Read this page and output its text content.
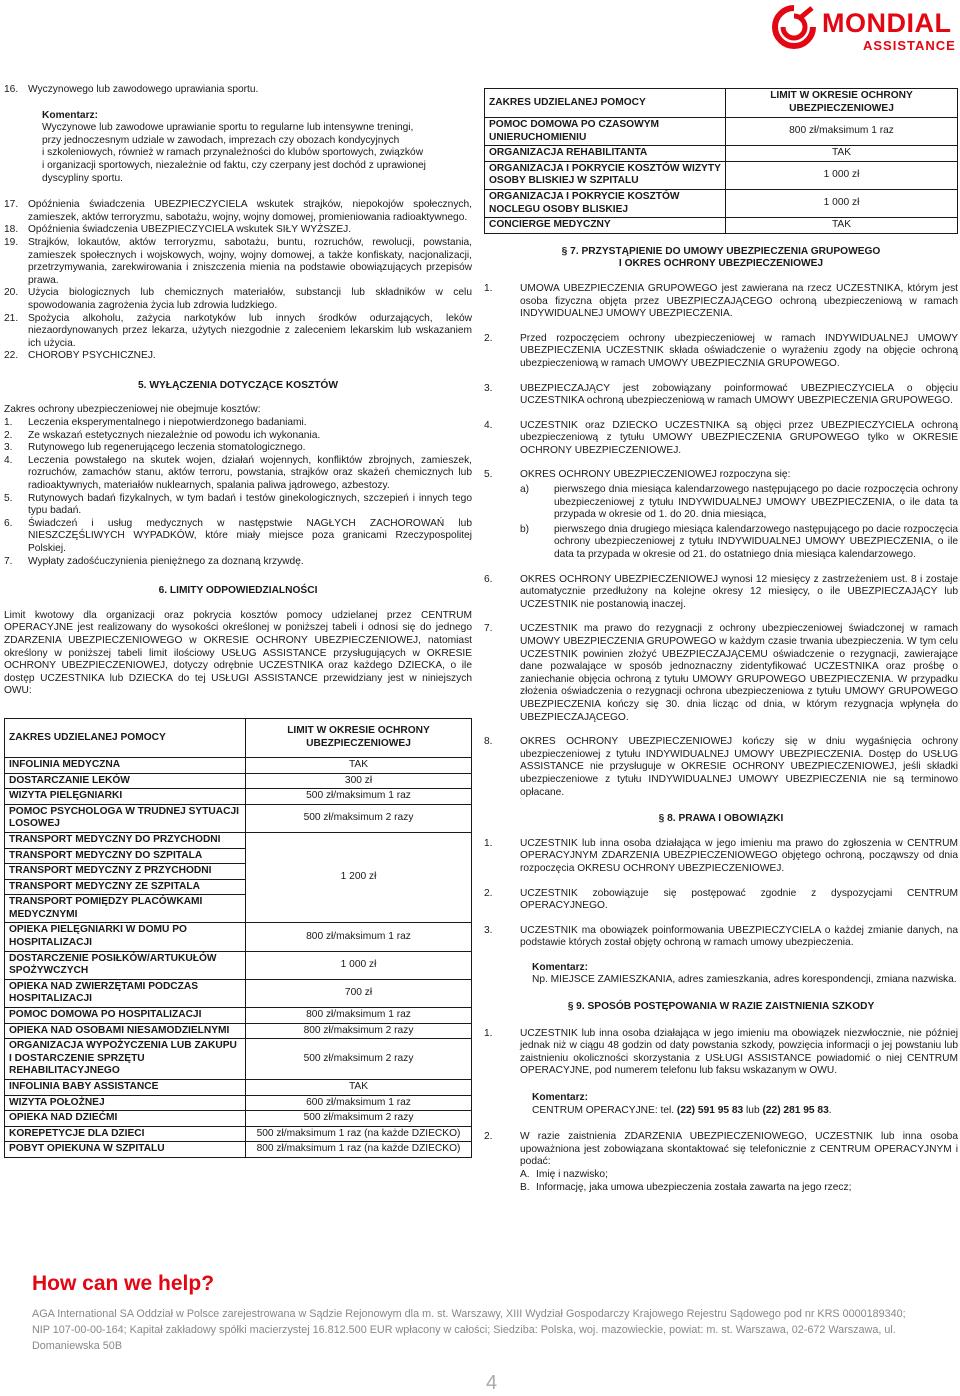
MONDIAL
ASSISTANCE
16. Wyczynowego lub zawodowego uprawiania sportu.
Komentarz:
Wyczynowe lub zawodowe uprawianie sportu to regularne lub intensywne treningi,
przy jednoczesnym udziale w zawodach, imprezach czy obozach kondycyjnych
i szkoleniowych, również w ramach przynależności do klubów sportowych, związków
i organizacji sportowych, niezależnie od faktu, czy czerpany jest dochód z uprawionej
dyscypliny sportu.
17. Opóźnienia świadczenia UBEZPIECZYCIELA wskutek strajków, niepokojów społecznych, zamieszek, aktów terroryzmu, sabotażu, wojny, wojny domowej, promieniowania radioaktywnego.
18. Opóźnienia świadczenia UBEZPIECZYCIELA wskutek SIŁY WYŻSZEJ.
19. Strajków, lokautów, aktów terroryzmu, sabotażu, buntu, rozruchów, rewolucji, powstania, zamieszek społecznych i wojskowych, wojny, wojny domowej, a także konfiskaty, nacjonalizacji, przetrzymywania, zarekwirowania i zniszczenia mienia na podstawie obowiązujących przepisów prawa.
20. Użycia biologicznych lub chemicznych materiałów, substancji lub składników w celu spowodowania zagrożenia życia lub zdrowia ludzkiego.
21. Spożycia alkoholu, zażycia narkotyków lub innych środków odurzających, leków niezaordynowanych przez lekarza, użytych niezgodnie z zaleceniem lekarskim lub wskazaniem ich użycia.
22. CHOROBY PSYCHICZNEJ.
5. WYŁĄCZENIA DOTYCZĄCE KOSZTÓW
Zakres ochrony ubezpieczeniowej nie obejmuje kosztów:
1.	Leczenia eksperymentalnego i niepotwierdzonego badaniami.
2.	Ze wskazań estetycznych niezależnie od powodu ich wykonania.
3.	Rutynowego lub regenerującego leczenia stomatologicznego.
4.	Leczenia powstałego na skutek wojen, działań wojennych, konfliktów zbrojnych, zamieszek, rozruchów, zamachów stanu, aktów terroru, powstania, strajków oraz skażeń chemicznych lub radioaktywnych, materiałów nuklearnych, spalania paliwa jądrowego, azbestozy.
5.	Rutynowych badań fizykalnych, w tym badań i testów ginekologicznych, szczepień i innych tego typu badań.
6.	Świadczeń i usług medycznych w następstwie NAGŁYCH ZACHOROWAŃ lub NIESZCZĘŚLIWYCH WYPADKÓW, które miały miejsce poza granicami Rzeczypospolitej Polskiej.
7.	Wypłaty zadośćuczynienia pieniężnego za doznaną krzywdę.
6. LIMITY ODPOWIEDZIALNOŚCI
Limit kwotowy dla organizacji oraz pokrycia kosztów pomocy udzielanej przez CENTRUM OPERACYJNE jest realizowany do wysokości określonej w poniższej tabeli i odnosi się do jednego ZDARZENIA UBEZPIECZENIOWEGO w OKRESIE OCHRONY UBEZPIECZENIOWEJ, natomiast określony w poniższej tabeli limit ilościowy USŁUG ASSISTANCE przysługujących w OKRESIE OCHRONY UBEZPIECZENIOWEJ, dotyczy odrębnie UCZESTNIKA oraz każdego DZIECKA, o ile dostęp UCZESTNIKA lub DZIECKA do tej USŁUGI ASSISTANCE przewidziany jest w niniejszych OWU:
ZAKRES UDZIELANEJ POMOCY	LIMIT W OKRESIE OCHRONY UBEZPIECZENIOWEJ
INFOLINIA MEDYCZNA	TAK
DOSTARCZANIE LEKÓW	300 zł
WIZYTA PIELĘGNIARKI	500 zł/maksimum 1 raz
POMOC PSYCHOLOGA W TRUDNEJ SYTUACJI LOSOWEJ	500 zł/maksimum 2 razy
TRANSPORT MEDYCZNY DO PRZYCHODNI	1 200 zł
TRANSPORT MEDYCZNY DO SZPITALA	
TRANSPORT MEDYCZNY Z PRZYCHODNI	
TRANSPORT MEDYCZNY ZE SZPITALA	
TRANSPORT POMIĘDZY PLACÓWKAMI MEDYCZNYMI	
OPIEKA PIELĘGNIARKI W DOMU PO HOSPITALIZACJI	800 zł/maksimum 1 raz
DOSTARCZENIE POSIŁKÓW/ARTUKUŁÓW SPOŻYWCZYCH	1 000 zł
OPIEKA NAD ZWIERZĘTAMI PODCZAS HOSPITALIZACJI	700 zł
POMOC DOMOWA PO HOSPITALIZACJI	800 zł/maksimum 1 raz
OPIEKA NAD OSOBAMI NIESAMODZIELNYMI	800 zł/maksimum 2 razy
ORGANIZACJA WYPOŻYCZENIA LUB ZAKUPU I DOSTARCZENIE SPRZĘTU REHABILITACYJNEGO	500 zł/maksimum 2 razy
INFOLINIA BABY ASSISTANCE	TAK
WIZYTA POŁOŻNEJ	600 zł/maksimum 1 raz
OPIEKA NAD DZIEĆMI	500 zł/maksimum 2 razy
KOREPETYCJE DLA DZIECI	500 zł/maksimum 1 raz (na każde DZIECKO)
POBYT OPIEKUNA W SZPITALU	800 zł/maksimum 1 raz (na każde DZIECKO)
ZAKRES UDZIELANEJ POMOCY	LIMIT W OKRESIE OCHRONY UBEZPIECZENIOWEJ
POMOC DOMOWA PO CZASOWYM UNIERUCHOMIENIU	800 zł/maksimum 1 raz
ORGANIZACJA REHABILITANTA	TAK
ORGANIZACJA I POKRYCIE KOSZTÓW WIZYTY OSOBY BLISKIEJ W SZPITALU	1 000 zł
ORGANIZACJA I POKRYCIE KOSZTÓW NOCLEGU OSOBY BLISKIEJ	1 000 zł
CONCIERGE MEDYCZNY	TAK
§ 7. PRZYSTĄPIENIE DO UMOWY UBEZPIECZENIA GRUPOWEGO
I OKRES OCHRONY UBEZPIECZENIOWEJ
1.	UMOWA UBEZPIECZENIA GRUPOWEGO jest zawierana na rzecz UCZESTNIKA, którym jest osoba fizyczna objęta przez UBEZPIECZAJĄCEGO ochroną ubezpieczeniową w ramach INDYWIDUALNEJ UMOWY UBEZPIECZENIA.
2.	Przed rozpoczęciem ochrony ubezpieczeniowej w ramach INDYWIDUALNEJ UMOWY UBEZPIECZENIA UCZESTNIK składa oświadczenie o wyrażeniu zgody na objęcie ochroną ubezpieczeniową w ramach UMOWY UBEZPIECZNIA GRUPOWEGO.
3.	UBEZPIECZAJĄCY jest zobowiązany poinformować UBEZPIECZYCIELA o objęciu UCZESTNIKA ochroną ubezpieczeniową w ramach UMOWY UBEZPIECZENIA GRUPOWEGO.
4.	UCZESTNIK oraz DZIECKO UCZESTNIKA są objęci przez UBEZPIECZYCIELA ochroną ubezpieczeniową z tytułu UMOWY UBEZPIECZENIA GRUPOWEGO tylko w OKRESIE OCHRONY UBEZPIECZENIOWEJ.
5.	OKRES OCHRONY UBEZPIECZENIOWEJ rozpoczyna się:
a)	pierwszego dnia miesiąca kalendarzowego następującego po dacie rozpoczęcia ochrony ubezpieczeniowej z tytułu INDYWIDUALNEJ UMOWY UBEZPIECZENIA, o ile data ta przypada w okresie od 1. do 20. dnia miesiąca,
b)	pierwszego dnia drugiego miesiąca kalendarzowego następującego po dacie rozpoczęcia ochrony ubezpieczeniowej z tytułu INDYWIDUALNEJ UMOWY UBEZPIECZENIA, o ile data ta przypada w okresie od 21. do ostatniego dnia miesiąca kalendarzowego.
6.	OKRES OCHRONY UBEZPIECZENIOWEJ wynosi 12 miesięcy z zastrzeżeniem ust. 8 i zostaje automatycznie przedłużony na kolejne okresy 12 miesięcy, o ile UBEZPIECZAJĄCY lub UCZESTNIK nie postanowią inaczej.
7.	UCZESTNIK ma prawo do rezygnacji z ochrony ubezpieczeniowej świadczonej w ramach UMOWY UBEZPIECZENIA GRUPOWEGO w każdym czasie trwania ubezpieczenia. W tym celu UCZESTNIK powinien złożyć UBEZPIECZAJĄCEMU oświadczenie o rezygnacji, zawierające dane pozwalające w sposób jednoznaczny zidentyfikować UCZESTNIKA oraz prośbę o zaniechanie objęcia ochroną z tytułu UMOWY GRUPOWEGO UBEZPIECZENIA. W przypadku złożenia oświadczenia o rezygnacji ochrona ubezpieczeniowa z tytułu UMOWY GRUPOWEGO UBEZPIECZENIA kończy się 30. dnia licząc od dnia, w którym rezygnacja wpłynęła do UBEZPIECZAJĄCEGO.
8.	OKRES OCHRONY UBEZPIECZENIOWEJ kończy się w dniu wygaśnięcia ochrony ubezpieczeniowej z tytułu INDYWIDUALNEJ UMOWY UBEZPIECZENIA. Dostęp do USŁUG ASSISTANCE nie przysługuje w OKRESIE OCHRONY UBEZPIECZENIOWEJ, jeśli składki ubezpieczeniowe z tytułu INDYWIDUALNEJ UMOWY UBEZPIECZENIA nie są terminowo opłacane.
§ 8. PRAWA I OBOWIĄZKI
1.	UCZESTNIK lub inna osoba działająca w jego imieniu ma prawo do zgłoszenia w CENTRUM OPERACYJNYM ZDARZENIA UBEZPIECZENIOWEGO objętego ochroną, począwszy od dnia rozpoczęcia OKRESU OCHRONY UBEZPIECZENIOWEJ.
2.	UCZESTNIK zobowiązuje się postępować zgodnie z dyspozycjami CENTRUM OPERACYJNEGO.
3.	UCZESTNIK ma obowiązek poinformowania UBEZPIECZYCIELA o każdej zmianie danych, na podstawie których został objęty ochroną w ramach umowy ubezpieczenia.
Komentarz:
Np. MIEJSCE ZAMIESZKANIA, adres zamieszkania, adres korespondencji, zmiana nazwiska.
§ 9. SPOSÓB POSTĘPOWANIA W RAZIE ZAISTNIENIA SZKODY
1.	UCZESTNIK lub inna osoba działająca w jego imieniu ma obowiązek niezwłocznie, nie później jednak niż w ciągu 48 godzin od daty powstania szkody, powzięcia informacji o jej powstaniu lub zaistnieniu okoliczności skorzystania z USŁUGI ASSISTANCE powiadomić o niej CENTRUM OPERACYJNE, pod numerem telefonu lub faksu wskazanym w OWU.
Komentarz:
CENTRUM OPERACYJNE: tel. (22) 591 95 83 lub (22) 281 95 83.
2.	W razie zaistnienia ZDARZENIA UBEZPIECZENIOWEGO, UCZESTNIK lub inna osoba upoważniona jest zobowiązana skontaktować się telefonicznie z CENTRUM OPERACYJNYM i podać:
A. Imię i nazwisko;
B. Informację, jaka umowa ubezpieczenia została zawarta na jego rzecz;
How can we help?
AGA International SA Oddział w Polsce zarejestrowana w Sądzie Rejonowym dla m. st. Warszawy, XIII Wydział Gospodarczy Krajowego Rejestru Sądowego pod nr KRS 0000189340;
NIP 107-00-00-164; Kapitał zakładowy spółki macierzystej 16.812.500 EUR wpłacony w całości; Siedziba: Polska, woj. mazowieckie, powiat: m. st. Warszawa, 02-672 Warszawa, ul. Domaniewska 50B
4
